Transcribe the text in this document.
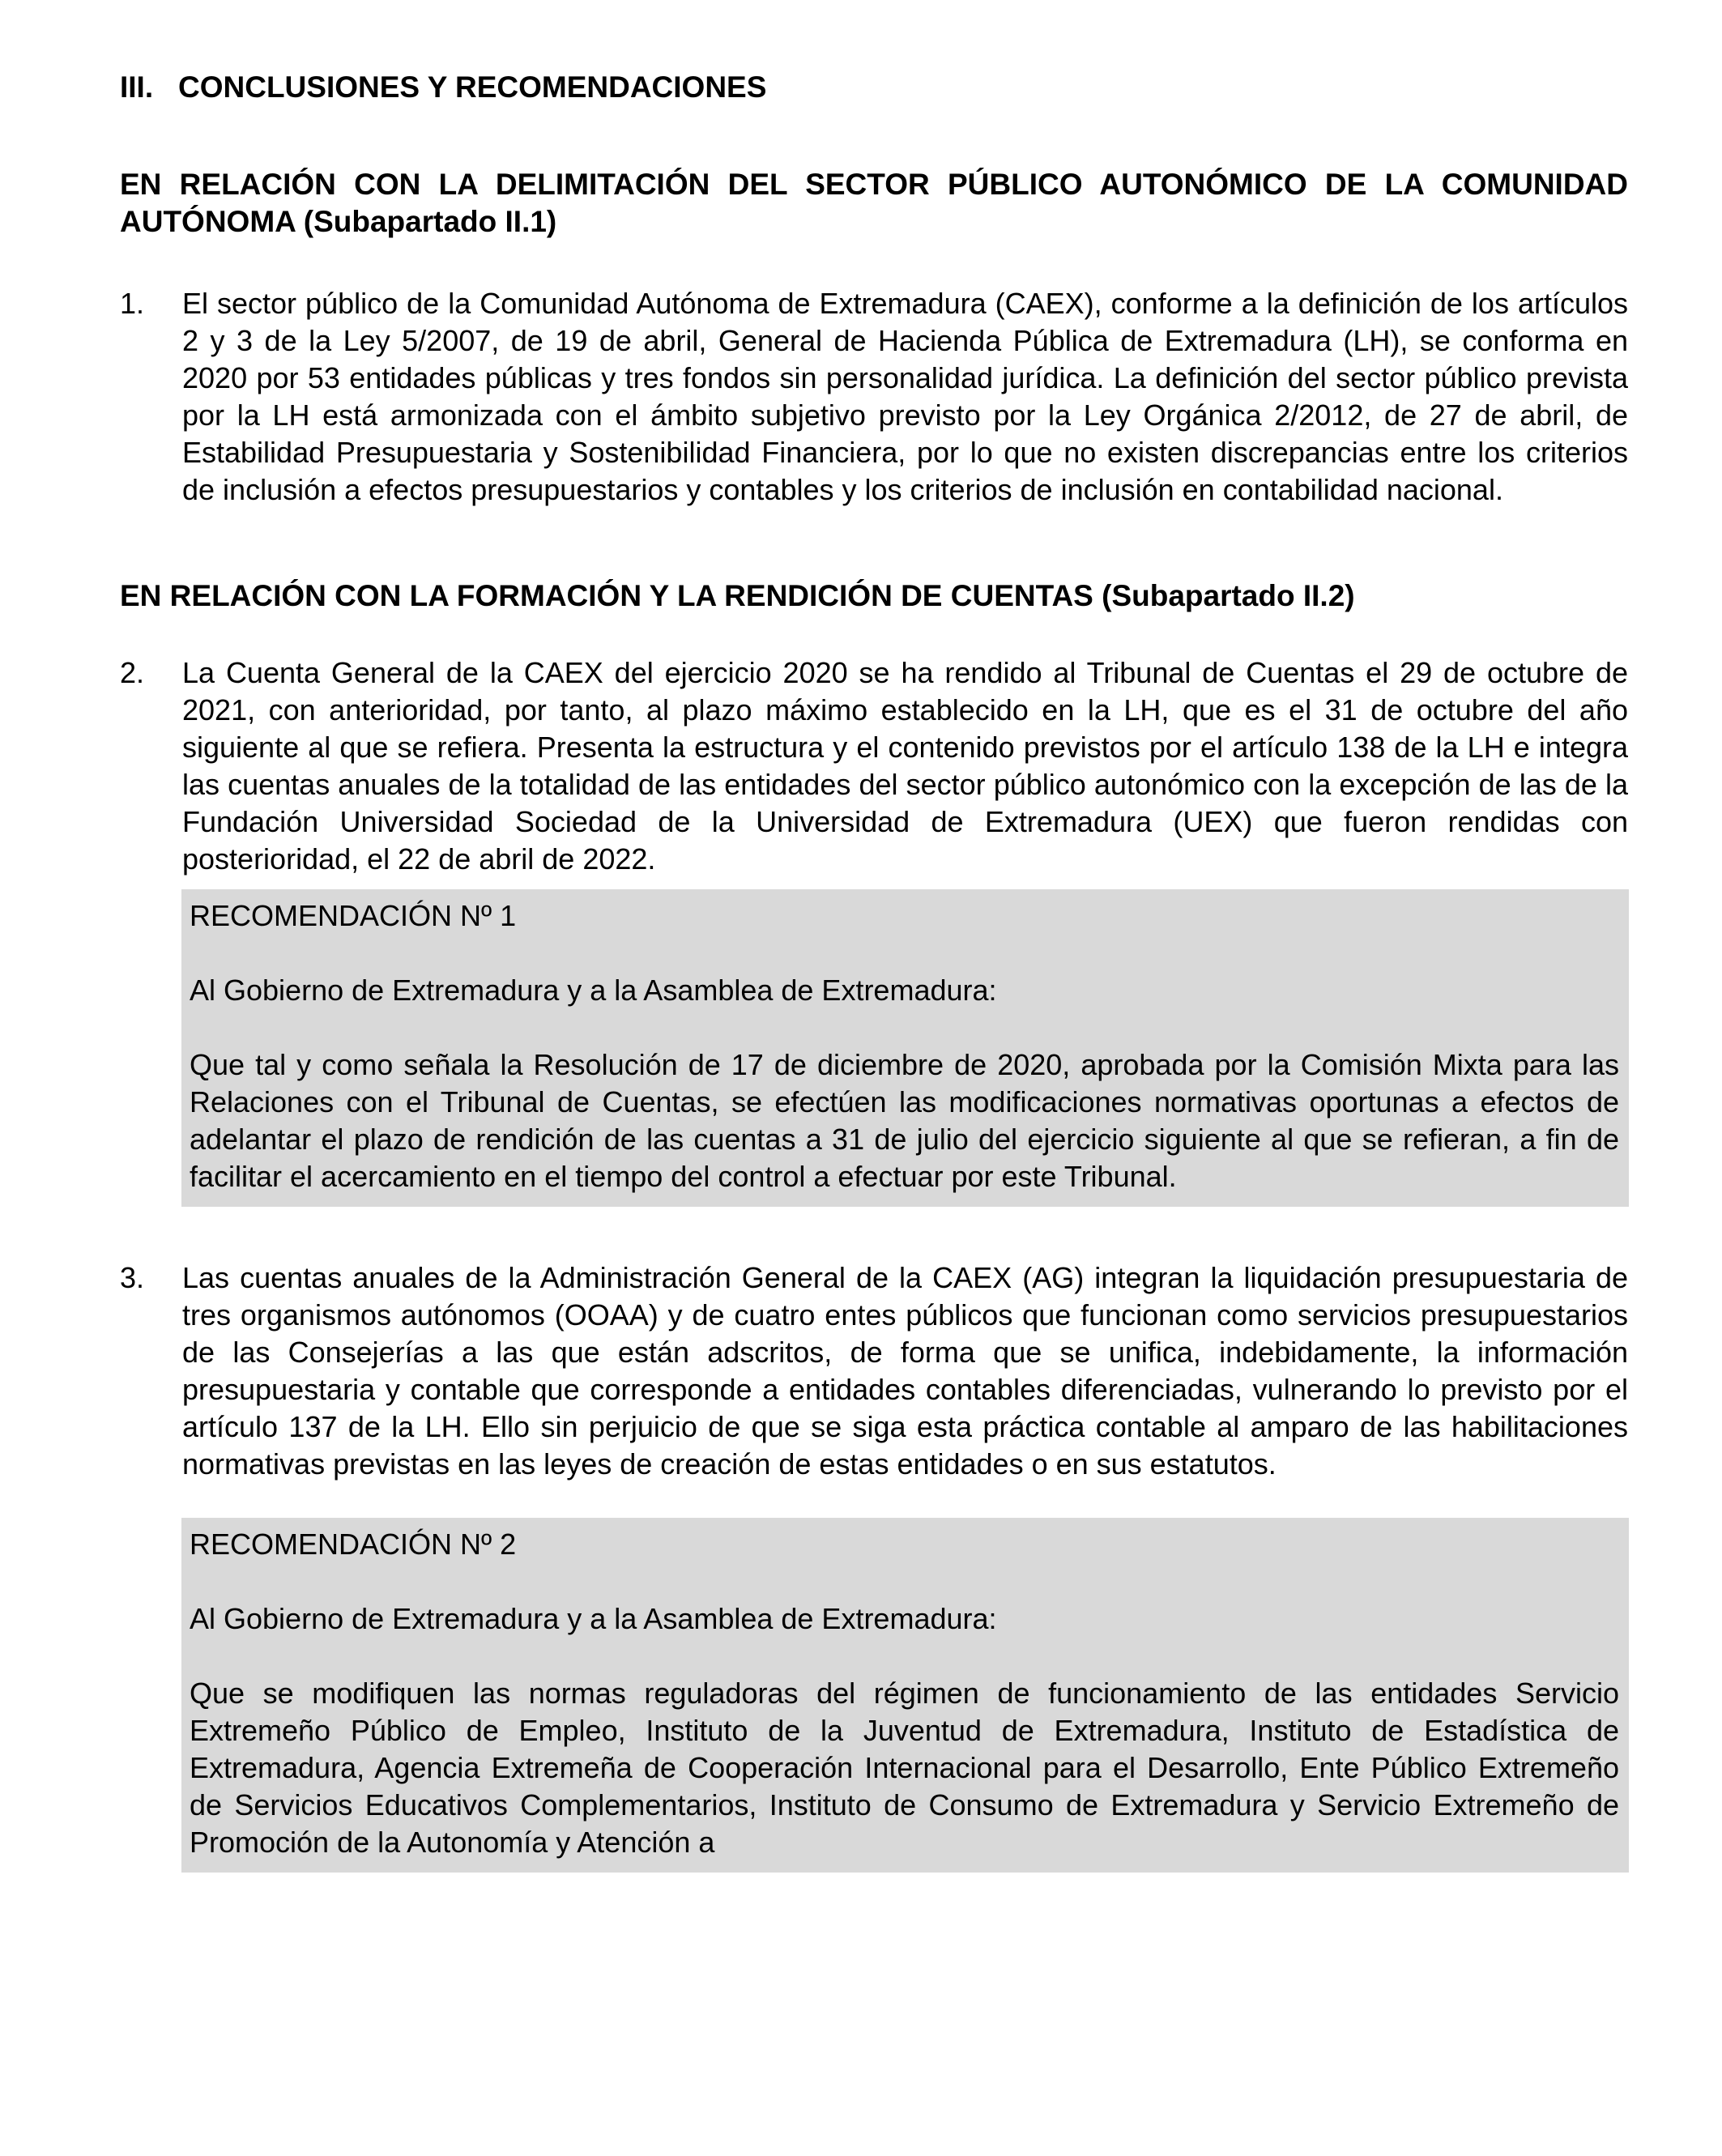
III. CONCLUSIONES Y RECOMENDACIONES
EN RELACIÓN CON LA DELIMITACIÓN DEL SECTOR PÚBLICO AUTONÓMICO DE LA COMUNIDAD AUTÓNOMA (Subapartado II.1)
1.	El sector público de la Comunidad Autónoma de Extremadura (CAEX), conforme a la definición de los artículos 2 y 3 de la Ley 5/2007, de 19 de abril, General de Hacienda Pública de Extremadura (LH), se conforma en 2020 por 53 entidades públicas y tres fondos sin personalidad jurídica. La definición del sector público prevista por la LH está armonizada con el ámbito subjetivo previsto por la Ley Orgánica 2/2012, de 27 de abril, de Estabilidad Presupuestaria y Sostenibilidad Financiera, por lo que no existen discrepancias entre los criterios de inclusión a efectos presupuestarios y contables y los criterios de inclusión en contabilidad nacional.
EN RELACIÓN CON LA FORMACIÓN Y LA RENDICIÓN DE CUENTAS (Subapartado II.2)
2.	La Cuenta General de la CAEX del ejercicio 2020 se ha rendido al Tribunal de Cuentas el 29 de octubre de 2021, con anterioridad, por tanto, al plazo máximo establecido en la LH, que es el 31 de octubre del año siguiente al que se refiera. Presenta la estructura y el contenido previstos por el artículo 138 de la LH e integra las cuentas anuales de la totalidad de las entidades del sector público autonómico con la excepción de las de la Fundación Universidad Sociedad de la Universidad de Extremadura (UEX) que fueron rendidas con posterioridad, el 22 de abril de 2022.

RECOMENDACIÓN Nº 1

Al Gobierno de Extremadura y a la Asamblea de Extremadura:

Que tal y como señala la Resolución de 17 de diciembre de 2020, aprobada por la Comisión Mixta para las Relaciones con el Tribunal de Cuentas, se efectúen las modificaciones normativas oportunas a efectos de adelantar el plazo de rendición de las cuentas a 31 de julio del ejercicio siguiente al que se refieran, a fin de facilitar el acercamiento en el tiempo del control a efectuar por este Tribunal.

3.	Las cuentas anuales de la Administración General de la CAEX (AG) integran la liquidación presupuestaria de tres organismos autónomos (OOAA) y de cuatro entes públicos que funcionan como servicios presupuestarios de las Consejerías a las que están adscritos, de forma que se unifica, indebidamente, la información presupuestaria y contable que corresponde a entidades contables diferenciadas, vulnerando lo previsto por el artículo 137 de la LH. Ello sin perjuicio de que se siga esta práctica contable al amparo de las habilitaciones normativas previstas en las leyes de creación de estas entidades o en sus estatutos.

RECOMENDACIÓN Nº 2

Al Gobierno de Extremadura y a la Asamblea de Extremadura:

Que se modifiquen las normas reguladoras del régimen de funcionamiento de las entidades Servicio Extremeño Público de Empleo, Instituto de la Juventud de Extremadura, Instituto de Estadística de Extremadura, Agencia Extremeña de Cooperación Internacional para el Desarrollo, Ente Público Extremeño de Servicios Educativos Complementarios, Instituto de Consumo de Extremadura y Servicio Extremeño de Promoción de la Autonomía y Atención a
